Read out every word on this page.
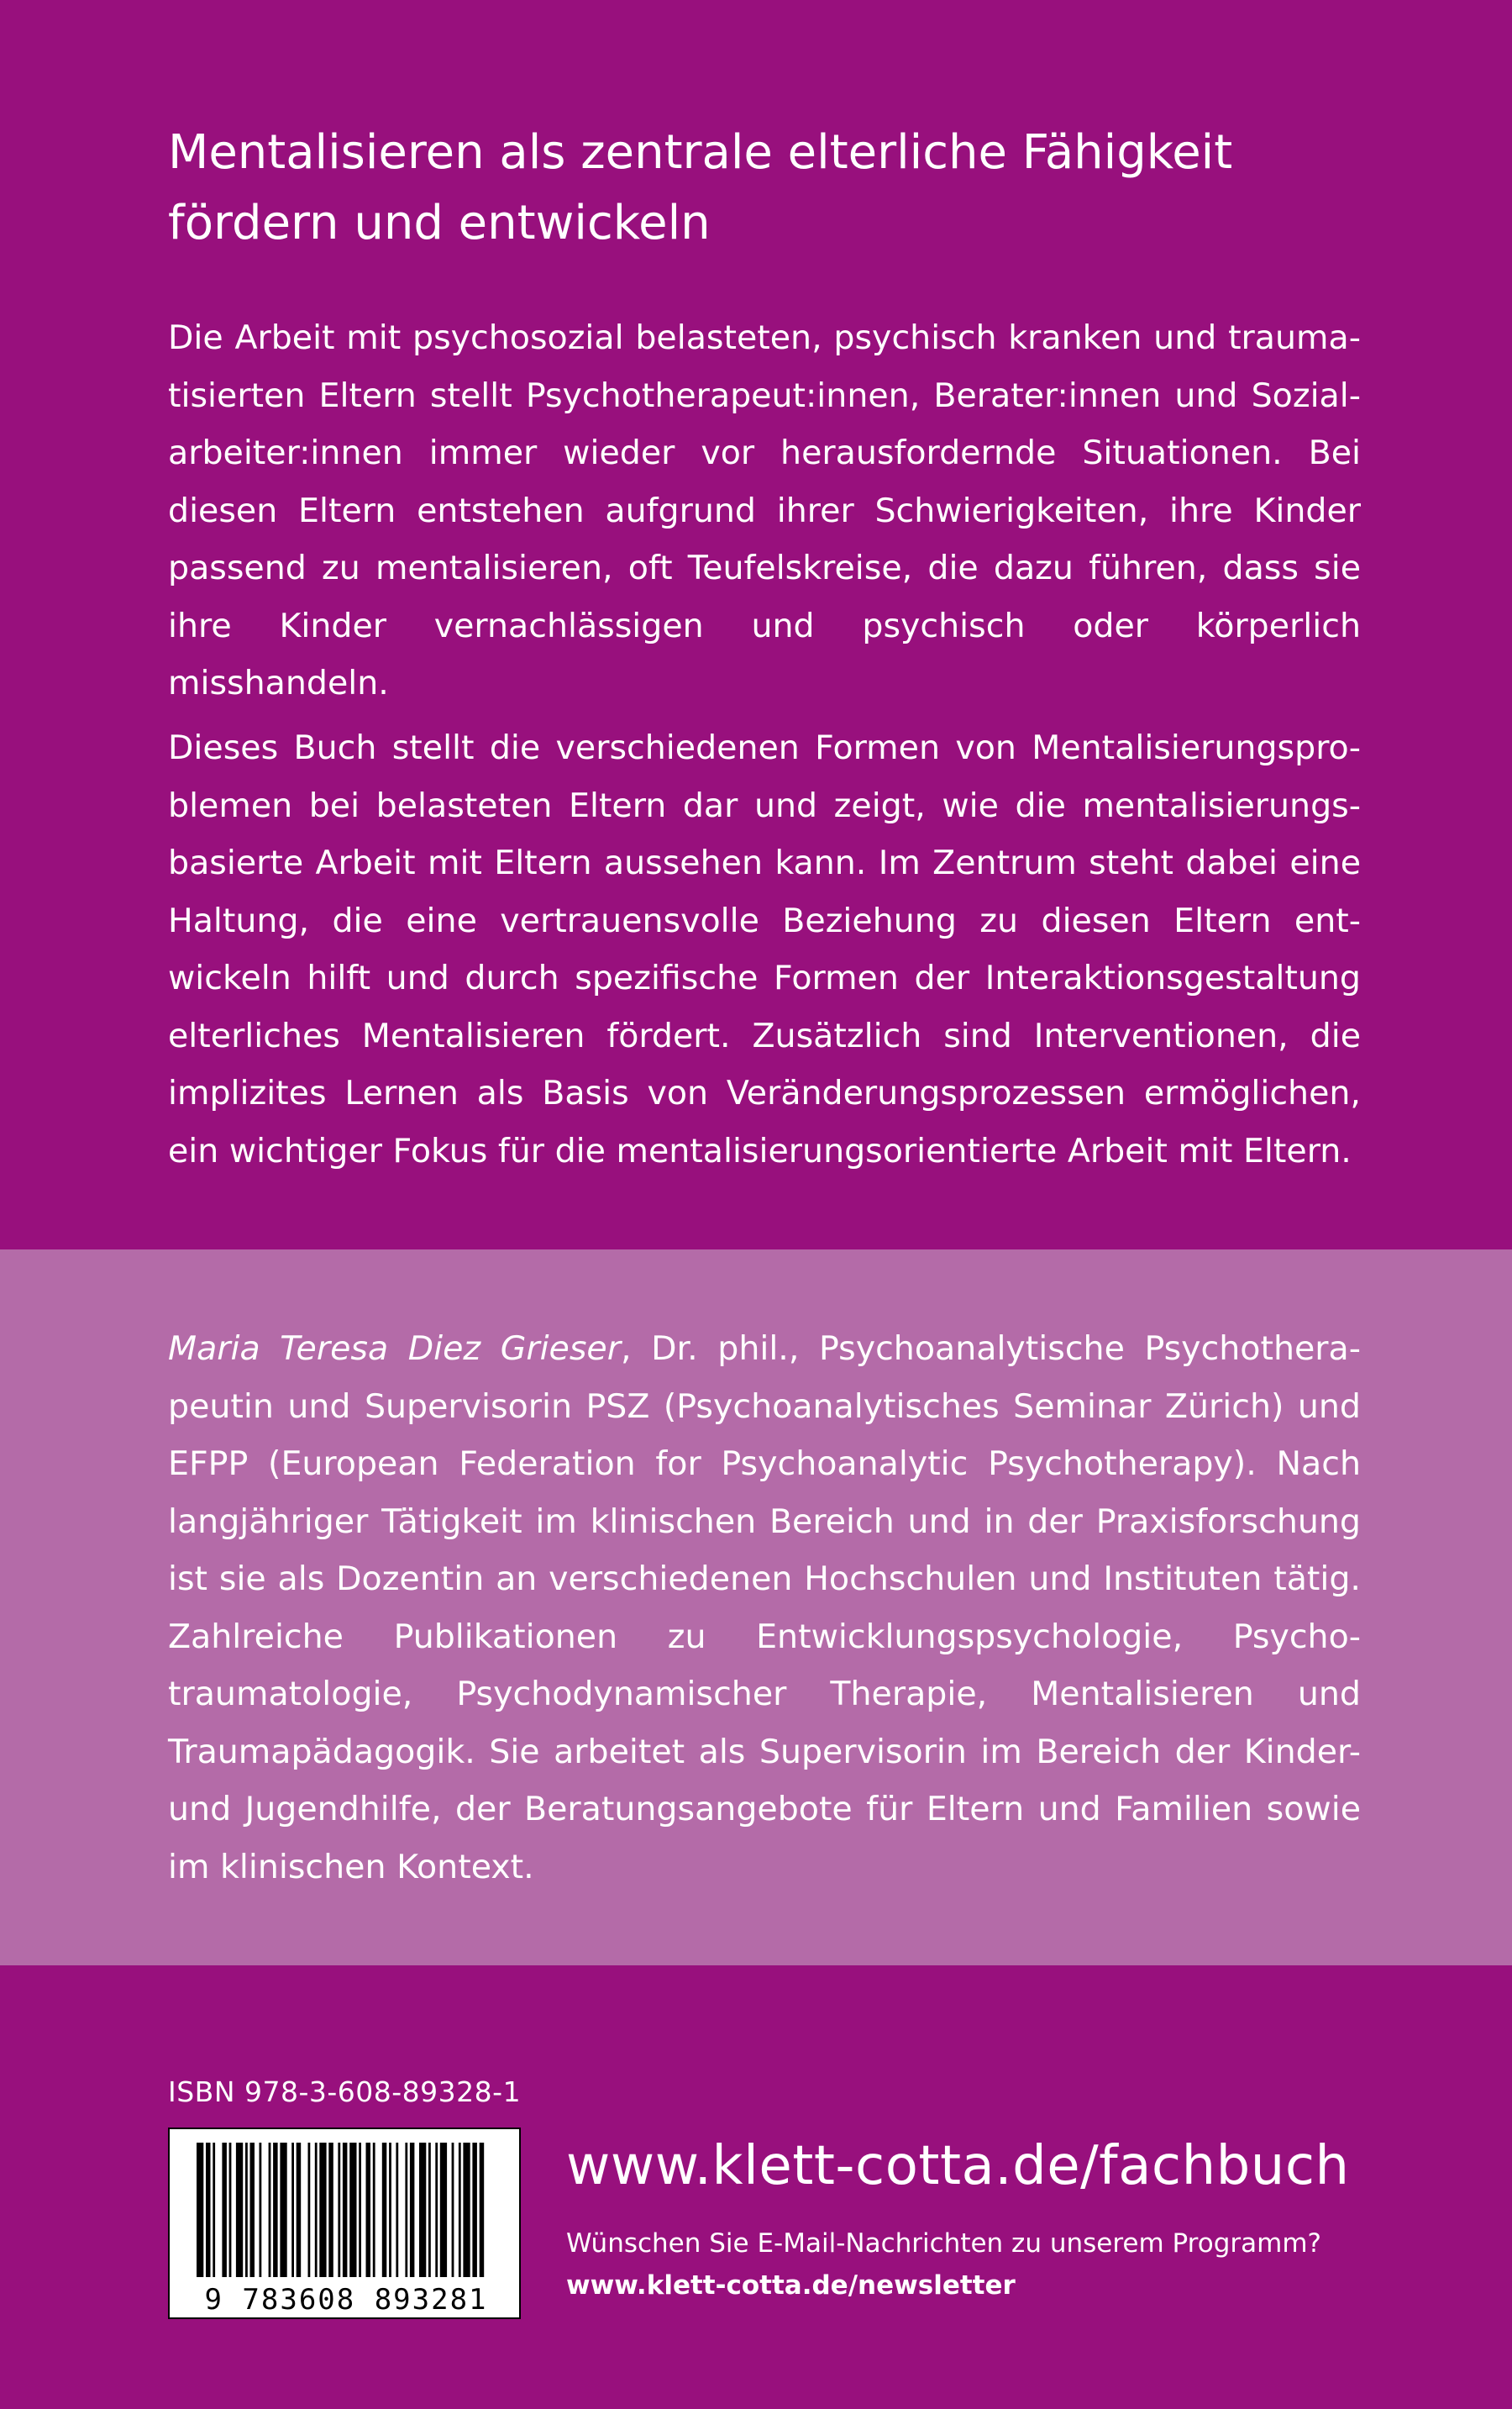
Mentalisieren als zentrale elterliche Fähigkeit
fördern und entwickeln

Die Arbeit mit psychosozial belasteten, psychisch kranken und traumatisierten Eltern stellt Psychotherapeut:innen, Berater:innen und Sozialarbeiter:innen immer wieder vor herausfordernde Situationen. Bei diesen Eltern entstehen aufgrund ihrer Schwierigkeiten, ihre Kinder passend zu mentalisieren, oft Teufelskreise, die dazu führen, dass sie ihre Kinder vernachlässigen und psychisch oder körperlich misshandeln.

Dieses Buch stellt die verschiedenen Formen von Mentalisierungsproblemen bei belasteten Eltern dar und zeigt, wie die mentalisierungsbasierte Arbeit mit Eltern aussehen kann. Im Zentrum steht dabei eine Haltung, die eine vertrauensvolle Beziehung zu diesen Eltern entwickeln hilft und durch spezifische Formen der Interaktionsgestaltung elterliches Mentalisieren fördert. Zusätzlich sind Interventionen, die implizites Lernen als Basis von Veränderungsprozessen ermöglichen, ein wichtiger Fokus für die mentalisierungsorientierte Arbeit mit Eltern.

Maria Teresa Diez Grieser, Dr. phil., Psychoanalytische Psychotherapeutin und Supervisorin PSZ (Psychoanalytisches Seminar Zürich) und EFPP (European Federation for Psychoanalytic Psychotherapy). Nach langjähriger Tätigkeit im klinischen Bereich und in der Praxisforschung ist sie als Dozentin an verschiedenen Hochschulen und Instituten tätig. Zahlreiche Publikationen zu Entwicklungspsychologie, Psychotraumatologie, Psychodynamischer Therapie, Mentalisieren und Traumapädagogik. Sie arbeitet als Supervisorin im Bereich der Kinder- und Jugendhilfe, der Beratungsangebote für Eltern und Familien sowie im klinischen Kontext.

ISBN 978-3-608-89328-1
9 783608 893281
www.klett-cotta.de/fachbuch
Wünschen Sie E-Mail-Nachrichten zu unserem Programm?
www.klett-cotta.de/newsletter
